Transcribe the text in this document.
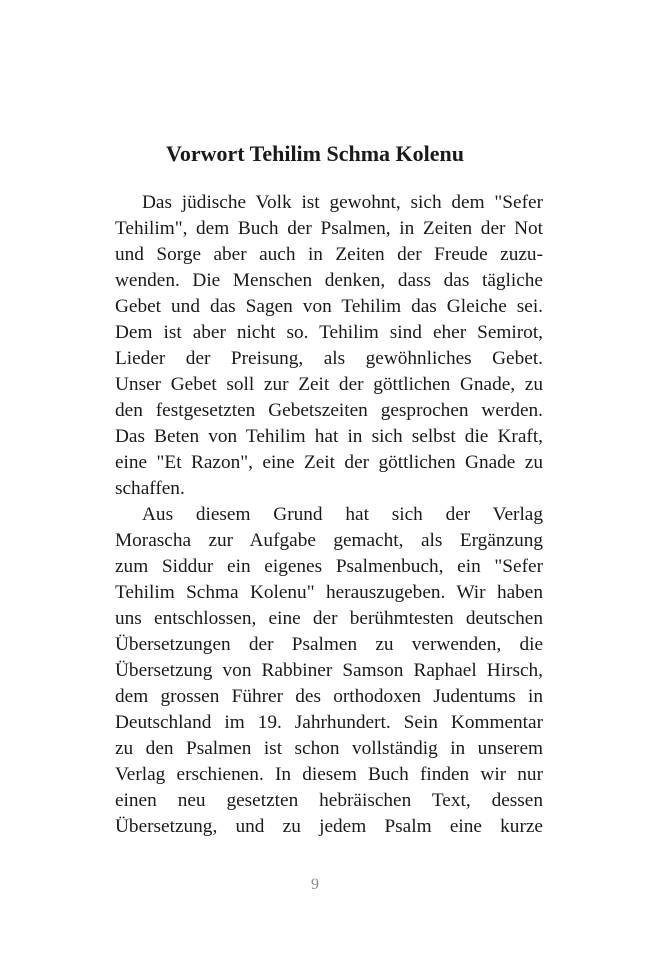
Vorwort Tehilim Schma Kolenu
Das jüdische Volk ist gewohnt, sich dem "Sefer
Tehilim", dem Buch der Psalmen, in Zeiten der Not
und Sorge aber auch in Zeiten der Freude zuzu-
wenden. Die Menschen denken, dass das tägliche
Gebet und das Sagen von Tehilim das Gleiche sei.
Dem ist aber nicht so. Tehilim sind eher Semirot,
Lieder der Preisung, als gewöhnliches Gebet.
Unser Gebet soll zur Zeit der göttlichen Gnade, zu
den festgesetzten Gebetszeiten gesprochen werden.
Das Beten von Tehilim hat in sich selbst die Kraft,
eine "Et Razon", eine Zeit der göttlichen Gnade zu
schaffen.
Aus diesem Grund hat sich der Verlag
Morascha zur Aufgabe gemacht, als Ergänzung
zum Siddur ein eigenes Psalmenbuch, ein "Sefer
Tehilim Schma Kolenu" herauszugeben. Wir haben
uns entschlossen, eine der berühmtesten deutschen
Übersetzungen der Psalmen zu verwenden, die
Übersetzung von Rabbiner Samson Raphael Hirsch,
dem grossen Führer des orthodoxen Judentums in
Deutschland im 19. Jahrhundert. Sein Kommentar
zu den Psalmen ist schon vollständig in unserem
Verlag erschienen. In diesem Buch finden wir nur
einen neu gesetzten hebräischen Text, dessen
Übersetzung, und zu jedem Psalm eine kurze
9
